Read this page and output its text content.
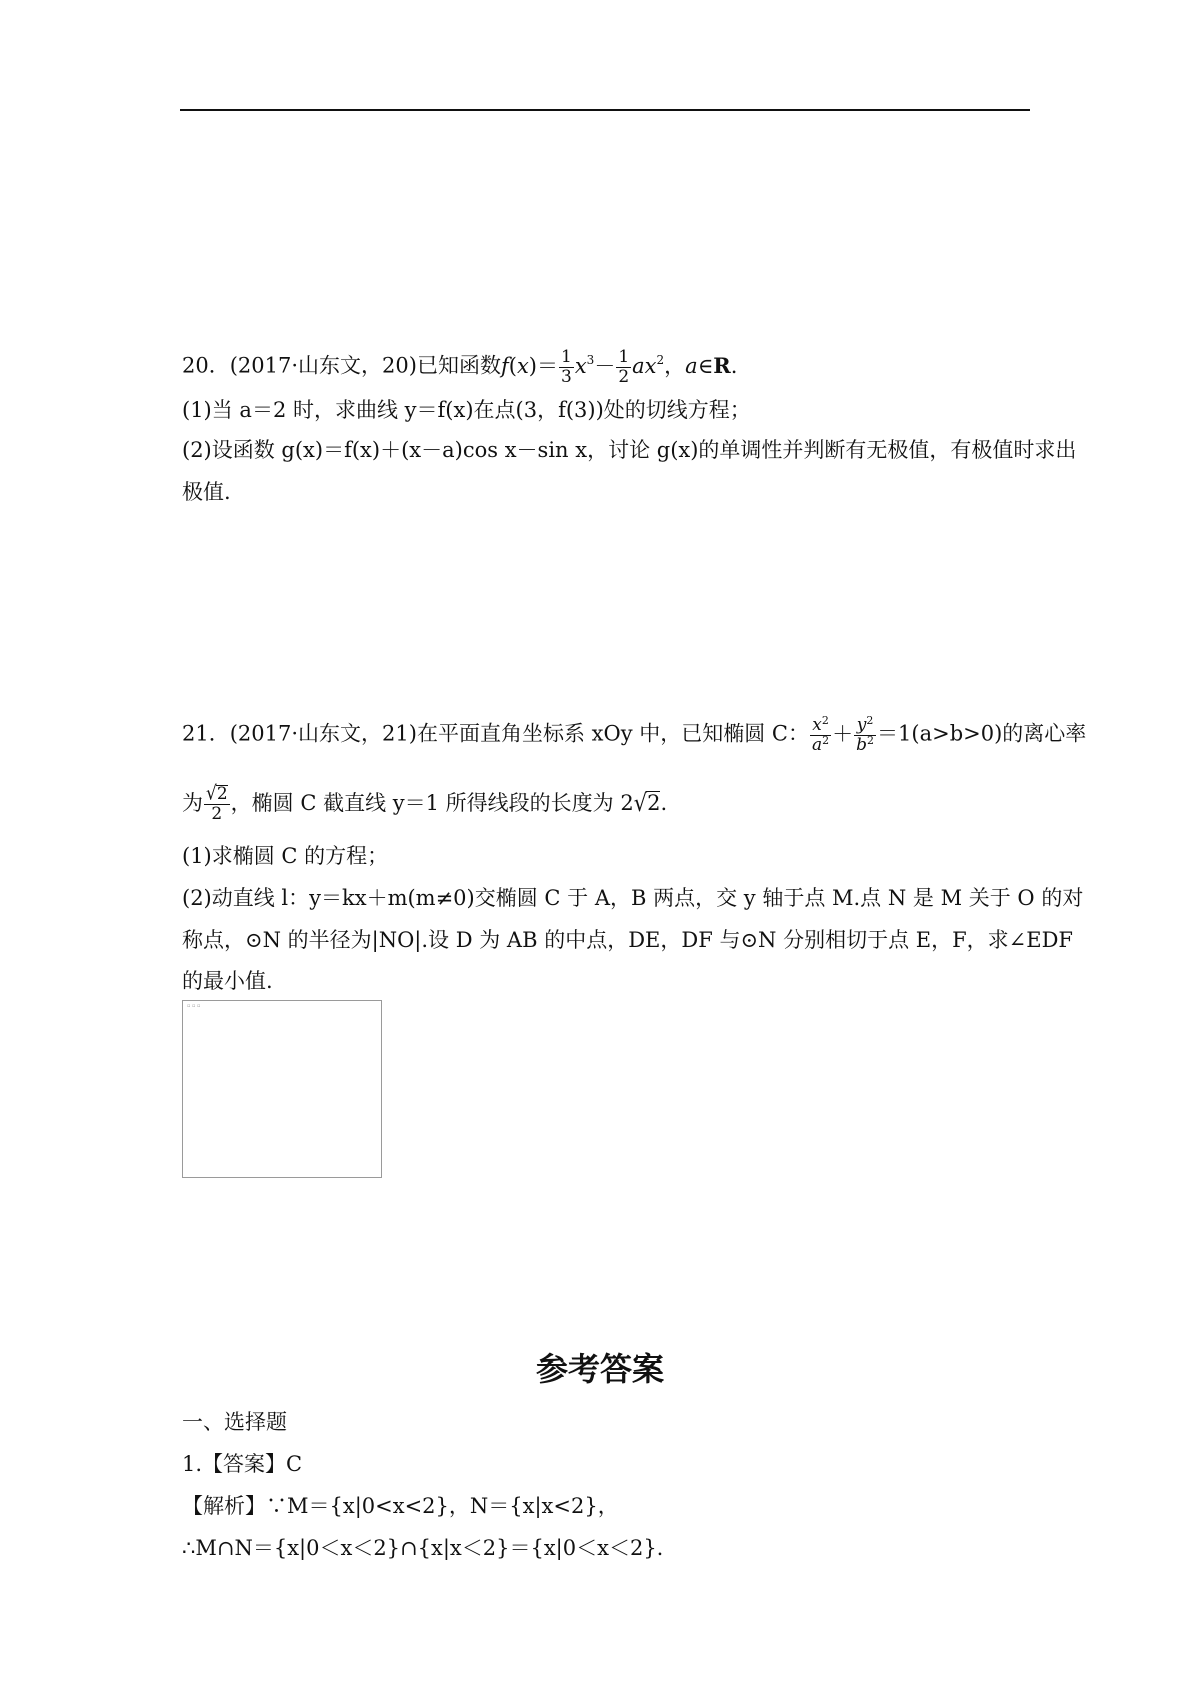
20．(2017·山东文，20)已知函数$f(x)= \frac{1}{3} x^3- \frac{1}{2} ax^2$，a∈R.
(1)当 a＝2 时，求曲线 y＝f(x)在点(3，f(3))处的切线方程；
(2)设函数 g(x)＝f(x)＋(x－a)cos x－sin x，讨论 g(x)的单调性并判断有无极值，有极值时求出
极值.
21．(2017·山东文，21)在平面直角坐标系 xOy 中，已知椭圆 C： $\frac{x^2}{a^2} + \frac{y^2}{b^2} =1(a>b>0)$的离心率
为 $\frac{√2}{2}$ ，椭圆 C 截直线 y＝1 所得线段的长度为 2√2.
(1)求椭圆 C 的方程；
(2)动直线 l：y＝kx＋m(m≠0)交椭圆 C 于 A，B 两点，交 y 轴于点 M.点 N 是 M 关于 O 的对
称点，⊙N 的半径为|NO|.设 D 为 AB 的中点，DE，DF 与⊙N 分别相切于点 E，F，求∠EDF
的最小值.
▫ ▫ ▫
参考答案
一、选择题
1.【答案】C
【解析】∵M＝{x|0<x<2}，N＝{x|x<2}，
∴M∩N＝{x|0＜x＜2}∩{x|x＜2}＝{x|0＜x＜2}.
